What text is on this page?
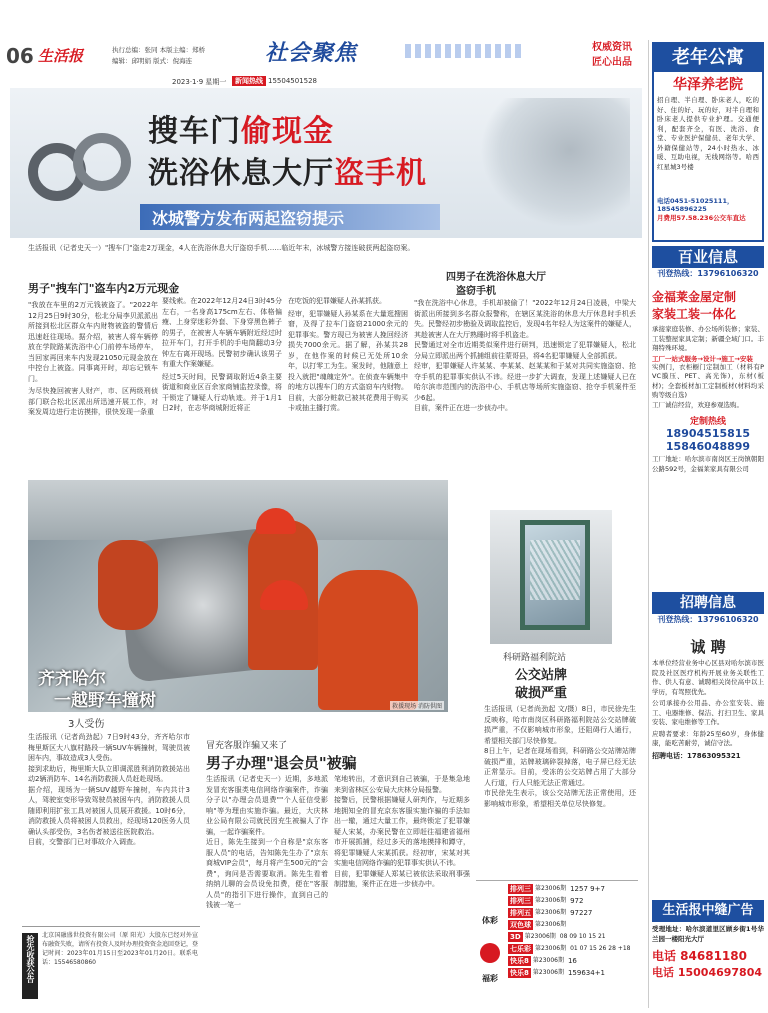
06 生活报	执行总编：张同 本版主编：郑桥
编辑：邱明娟 版式：倪海连	社会聚焦	权威资讯
匠心出品
2023·1·9 星期一	新闻热线 15504501528
搜车门偷现金
洗浴休息大厅盗手机
冰城警方发布两起盗窃提示
生活报讯（记者史天一）"搜车门"盗走2万现金，4人在洗浴休息大厅盗窃手机……临近年末，冰城警方接连破获两起盗窃案。
男子"拽车门"盗车内2万元现金

"我放在车里的2万元钱被盗了。"2022年12月25日9时30分，松北分局李贝派派出所接到松北区群众车内财物被盗的警情后迅速赶往现场。据介绍，被害人将车辆停放在学院路某洗浴中心门前停车场停车，当回家再回来车内发现21050元现金放在中控台上被盗。同事离开时，却忘记锁车门。

为尽快挽回被害人财产，市、区两级刑侦部门联合松北区派出所迅速开展工作，对案发周边进行走访摸排，很快发现一条重

要线索。在2022年12月24日3时45分左右，一名身高175cm左右、体格偏瘦、上身穿迷彩外套、下身穿黑色裤子的男子，在被害人车辆车辆附近经过时拉开车门，打开手机的手电筒翻动3分钟左右离开现场。民警初步确认该男子有重大作案嫌疑。

经过5天时间，民警调取附近4条主要街道和商业区百余家商铺监控录像，将干锁定了嫌疑人行动轨迹。并于1月1日2时，在志华商城附近将正

在吃饭的犯罪嫌疑人孙某抓获。

经审，犯罪嫌疑人孙某系在大量逛搜困窘，及得了拉车门盗窃21000余元的犯罪事实。警方现已为被害人挽回经济损失7000余元。据了解，孙某共28岁，在他作案的时候已无处所10余年，以打零工为生。案发时，他随意上投入就把"魂魄定外"。在侦查车辆集中的地方以搜车门的方式盗窃车内财物。目前，大部分赃款已被其花费用于购买卡或抽主播打赏。

四男子在洗浴休息大厅
盗窃手机

"我在洗浴中心休息，手机却被偷了！"2022年12月24日凌晨，中梁大街派出所接到多名群众报警称，在辖区某洗浴的休息大厅休息时手机丢失。民警经初步勘验及调取监控后，发现4名年轻人为这案件的嫌疑人，其趁被害人在大厅熟睡时将手机盗走。

民警通过对全市近期类似案件进行研判，迅速锁定了犯罪嫌疑人，松北分局立即派出两个抓捕组前往蒙哥县，将4名犯罪嫌疑人全部抓获。

经审，犯罪嫌疑人许某某、李某某、赵某某和于某对共同实施盗窃、抢夺手机的犯罪事实供认不讳。经进一步扩大调查，发现上述嫌疑人已在哈尔滨市范围内的洗浴中心、手机店等场所实施盗窃、抢夺手机案件至少6起。

目前，案件正在进一步侦办中。

齐齐哈尔
一越野车撞树	救援现场 消防供图
科研路福利院站
公交站牌
破损严重

生活报讯（记者尚劲起 文/摄）8日，市民徐先生反映称，哈市南岗区科研路福利院站公交站牌破损严重，不仅影响城市形象，还阻碍行人通行，希望相关部门尽快修复。

8日上午，记者在现场看到，科研路公交站牌站牌破损严重，站牌玻璃碎裂掉落，电子屏已经无法正常显示。目前，受冻的公交站牌占用了大部分人行道，行人只能无法正常通过。

市民徐先生表示，该公交站牌无法正常使用，还影响城市形象，希望相关单位尽快修复。

3人受伤

生活报讯（记者尚劲起）7日9时43分，齐齐哈尔市梅里斯区大八旗村路段一辆SUV车辆撞树，驾驶员被困车内，事故造成3人受伤。

接到求助后，梅里斯大队立即调派胜利消防救援站出动2辆消防车、14名消防救援人员赶赴现场。

据介绍，现场为一辆SUV越野车撞树，车内共计3人，驾驶室变形导致驾驶员被困车内，消防救援人员随即利用扩张工具对被困人员展开救援。10时6分，消防救援人员将被困人员救出，经现场120医务人员确认头部受伤，3名伤者被送往医院救治。

目前，交警部门已对事故介入调查。

冒充客服诈骗又来了
男子办理"退会员"被骗

生活报讯（记者史天一）近期，多地派发冒充客服类电信网络诈骗案件，诈骗分子以"办理会员退费""个人征信受影响"等为理由实施诈骗。最近，大庆林业公局有限公司就民因充生被骗人了诈骗，一起诈骗案件。

近日，陈先生接到一个自称是"京东客服人员"的电话，告知陈先生办了"京东商城VIP会员"，每月将产生500元的"会费"，询问是否需要取消。陈先生看着纳纳儿聊的会员设免扣费，便在"客服人员"的指引下进行操作，直到自己的钱被一笔一

笔地转出，才意识到自己被骗，于是集急地来到省林区公安局大庆林分局报警。

接警后，民警根据嫌疑人研判作，与近期多地拥知全的冒充京东客服实施诈骗的手法如出一辙，通过大量工作，最终锁定了犯罪嫌疑人宋某，办案民警在立即赶往福建省福州市开展抓捕，经过多天的落地摸排和蹲守，将犯罪嫌疑人宋某抓获。经初审，宋某对其实施电信网络诈骗的犯罪事实供认不讳。

目前，犯罪嫌疑人郑某已被依法采取刑事强制措施，案件正在进一步侦办中。

体彩
福彩
排列三 第23006期 1257 9+7
排列三 第23006期 972
排列五 第23006期 97227
双色球 第23006期
3D 第23006期 08 09 10 15 21
七乐彩 第23006期 01 07 15 26 28 +18
快乐8 第23006期 16
快乐8 第23006期 159634+1
抢先
收获公告
北京国融盛世投资有限公司（原 阳光）大股东已经对外宣布融资失败，请所有投资人及时办理投资资金追回登记，登记时间：2023年01月15日至2023年01月20日。联系电话：15546580860
老年公寓
华泽养老院
招自理、半自理、卧床老人，吃的好、住的好、玩的好，对半自理和卧床老人提供专业护理。交通便利，配套齐全，有医、洗浴、食堂、专业医护保健员、老年大学、外籍保健站等，24小时热水、冰暖、互助电视，无线网络等。哈西红星城3号楼
电话0451-51025111，18545896225
月费用57.58.236公交车直达
百业信息
刊登热线：13796106320
金福莱金屋定制
家装工装一体化
承接家庭装修、办公场所装修；家装、工装整屋家具定制；新疆全域门口。丰翔特殊环境。
工厂一站式服务→设计→施工→安装
实例门，衣柜橱门定制加工（材料有PVC膜压、PET、高光饰)，东材(板材)；全套板材加工定制板材(材料均采购等级自选)
工厂诚信经营，欢迎参观选购。
定制热线
18904515815
15846048899
工厂地址：哈尔滨市南岗区王岗镇朝阳公路592号，金福莱家具有限公司
招聘信息
刊登热线：13796106320
诚 聘
本单位经营业务中心区县对哈尔滨市医院及社区医疗机构开展业务关联性工作、供人有意、诚聘相关岗位高中以上学历，有驾照优先。
公司承接办公用品、办公室安装、施工、电器维修、保洁、打扫卫生、家具安装、家电维修等工作。
应聘者要求：年龄25至60岁，身体健康，能吃苦耐劳，诚信守法。
招聘电话：17863095321
生活报中缝广告
受理地址：哈尔滨道里区顾乡街1号华兰园一楼阳光大厅
电话 84681180
电话 15004697804
